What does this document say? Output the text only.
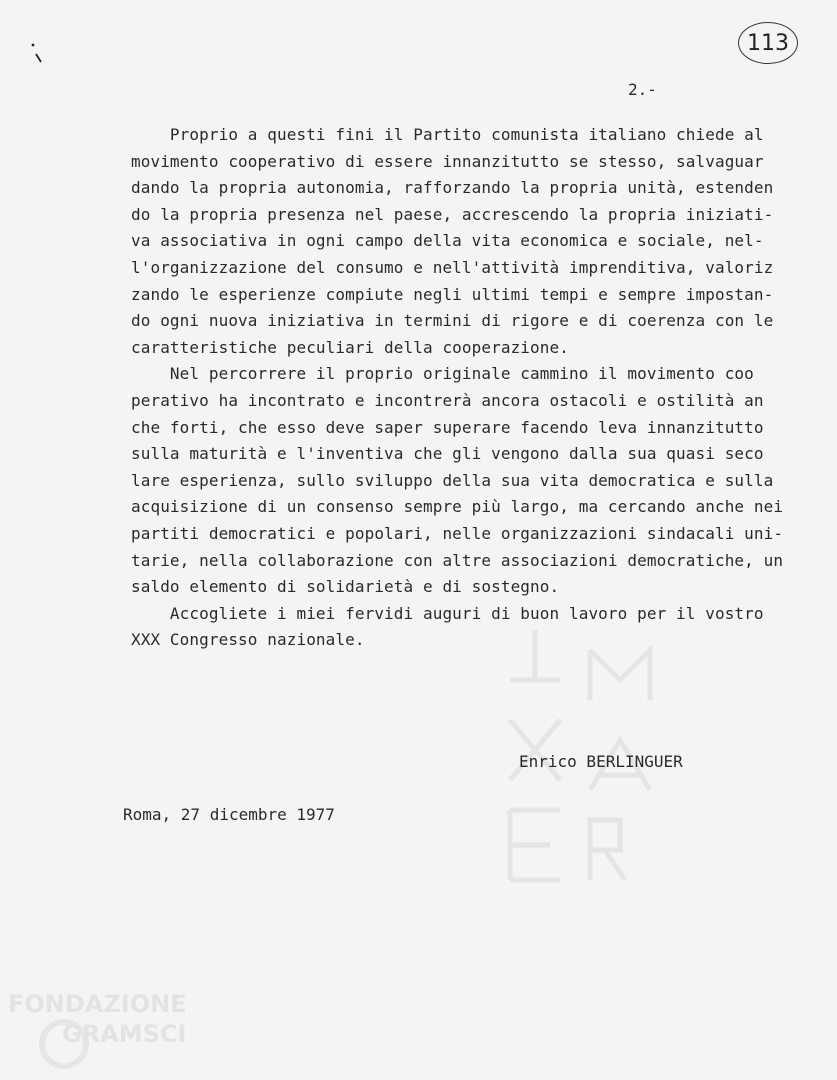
113
2.-
Proprio a questi fini il Partito comunista italiano chiede al
movimento cooperativo di essere innanzitutto se stesso, salvaguar
dando la propria autonomia, rafforzando la propria unità, estenden
do la propria presenza nel paese, accrescendo la propria iniziati-
va associativa in ogni campo della vita economica e sociale, nel-
l'organizzazione del consumo e nell'attività imprenditiva, valoriz
zando le esperienze compiute negli ultimi tempi e sempre impostan-
do ogni nuova iniziativa in termini di rigore e di coerenza con le
caratteristiche peculiari della cooperazione.
Nel percorrere il proprio originale cammino il movimento coo
perativo ha incontrato e incontrerà ancora ostacoli e ostilità an
che forti, che esso deve saper superare facendo leva innanzitutto
sulla maturità e l'inventiva che gli vengono dalla sua quasi seco
lare esperienza, sullo sviluppo della sua vita democratica e sulla
acquisizione di un consenso sempre più largo, ma cercando anche nei
partiti democratici e popolari, nelle organizzazioni sindacali uni-
tarie, nella collaborazione con altre associazioni democratiche, un
saldo elemento di solidarietà e di sostegno.
Accogliete i miei fervidi auguri di buon lavoro per il vostro
XXX Congresso nazionale.
Enrico BERLINGUER
Roma, 27 dicembre 1977
FONDAZIONE
GRAMSCI
